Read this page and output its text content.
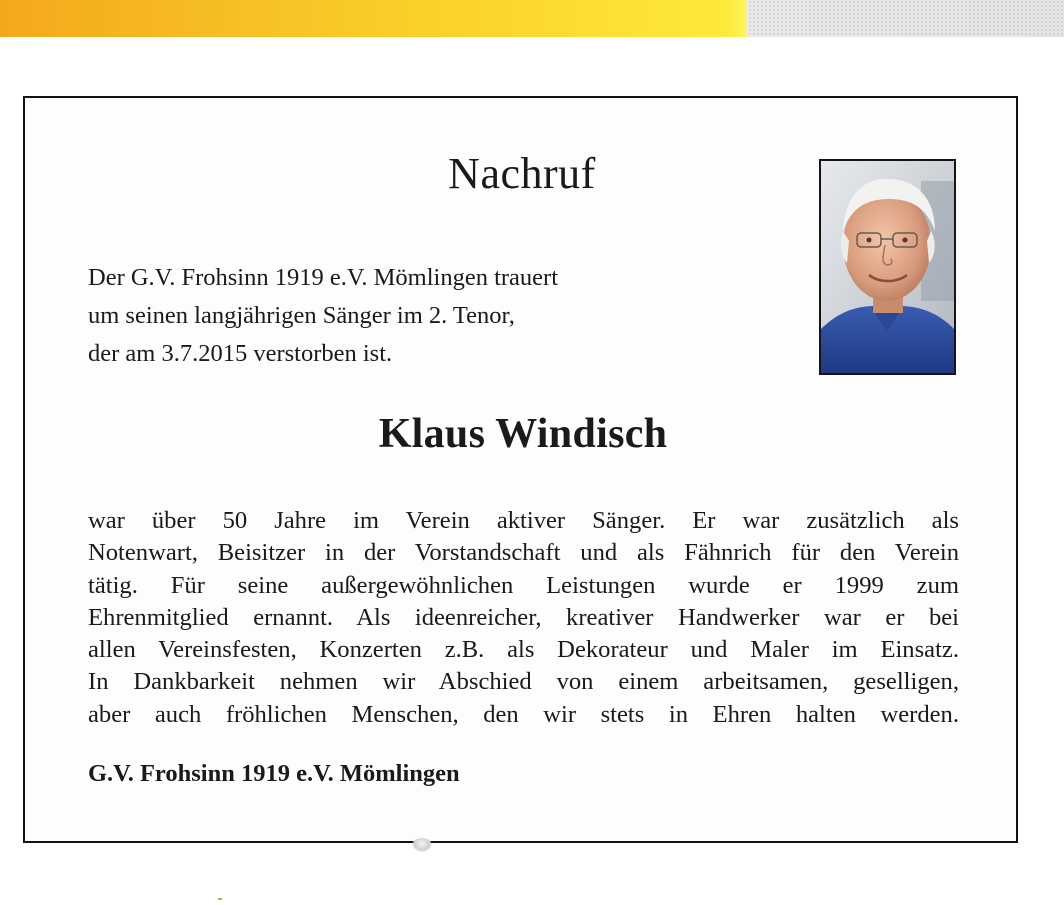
Nachruf
Der G.V. Frohsinn 1919 e.V. Mömlingen trauert
um seinen langjährigen Sänger im 2. Tenor,
der am 3.7.2015 verstorben ist.
Klaus Windisch
war über 50 Jahre im Verein aktiver Sänger. Er war zusätzlich als
Notenwart, Beisitzer in der Vorstandschaft und als Fähnrich für den Verein
tätig. Für seine außergewöhnlichen Leistungen wurde er 1999 zum
Ehrenmitglied ernannt. Als ideenreicher, kreativer Handwerker war er bei
allen Vereinsfesten, Konzerten z.B. als Dekorateur und Maler im Einsatz.
In Dankbarkeit nehmen wir Abschied von einem arbeitsamen, geselligen,
aber auch fröhlichen Menschen, den wir stets in Ehren halten werden.
G.V. Frohsinn 1919 e.V. Mömlingen
